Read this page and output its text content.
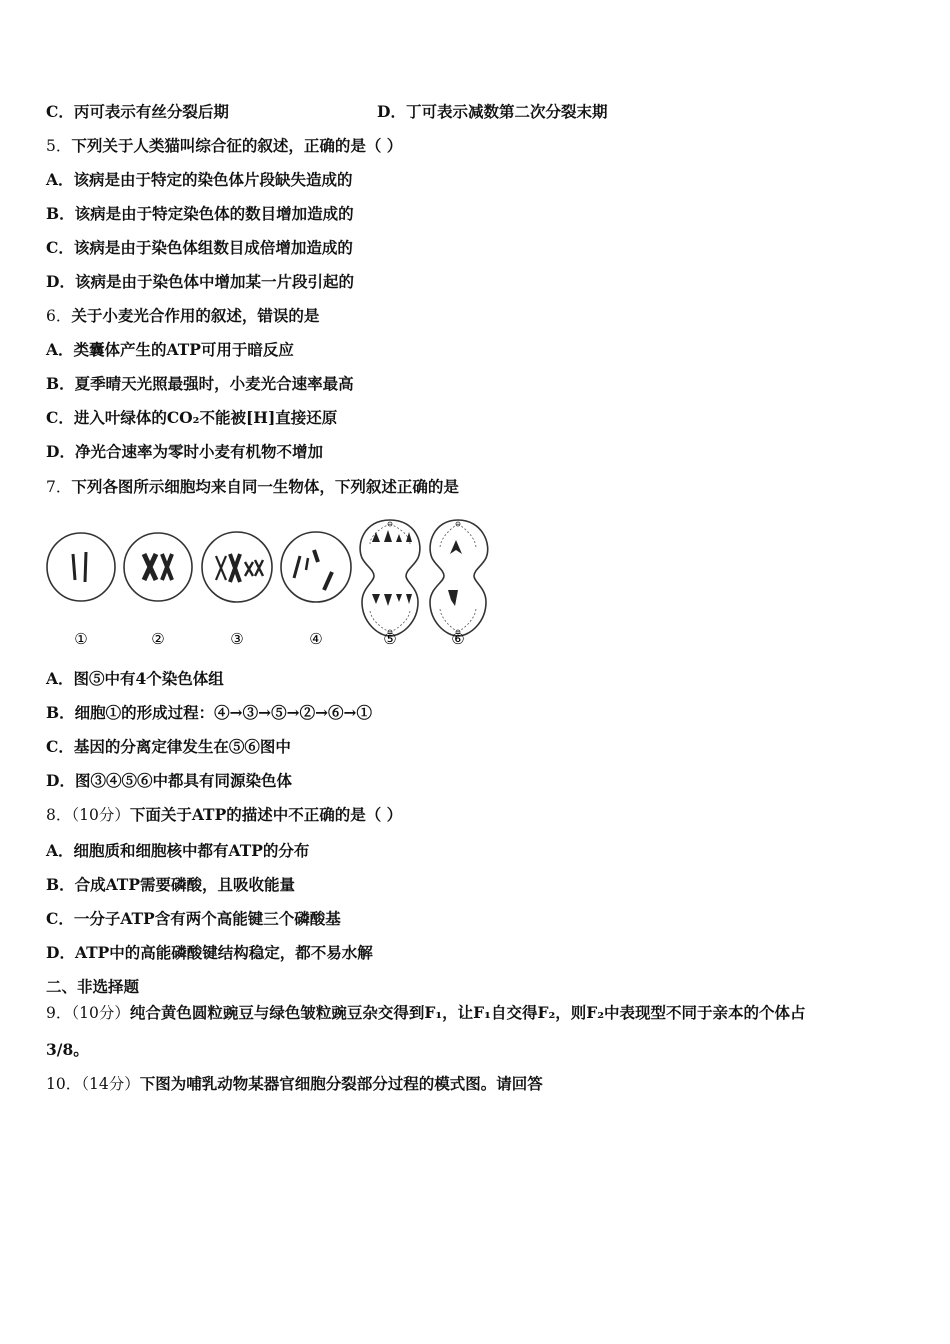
C．丙可表示有丝分裂后期	D．丁可表示减数第二次分裂末期
5．下列关于人类猫叫综合征的叙述，正确的是（ ）
A．该病是由于特定的染色体片段缺失造成的
B．该病是由于特定染色体的数目增加造成的
C．该病是由于染色体组数目成倍增加造成的
D．该病是由于染色体中增加某一片段引起的
6．关于小麦光合作用的叙述，错误的是
A．类囊体产生的ATP可用于暗反应
B．夏季晴天光照最强时，小麦光合速率最高
C．进入叶绿体的CO₂不能被[H]直接还原
D．净光合速率为零时小麦有机物不增加
7．下列各图所示细胞均来自同一生物体，下列叙述正确的是
①	②	③	④	⑤	⑥
A．图⑤中有4个染色体组
B．细胞①的形成过程：④→③→⑤→②→⑥→①
C．基因的分离定律发生在⑤⑥图中
D．图③④⑤⑥中都具有同源染色体
8．（10分）下面关于ATP的描述中不正确的是（ ）
A．细胞质和细胞核中都有ATP的分布
B．合成ATP需要磷酸，且吸收能量
C．一分子ATP含有两个高能键三个磷酸基
D．ATP中的高能磷酸键结构稳定，都不易水解
二、非选择题
9．（10分）纯合黄色圆粒豌豆与绿色皱粒豌豆杂交得到F₁，让F₁自交得F₂，则F₂中表现型不同于亲本的个体占
3/8。
10．（14分）下图为哺乳动物某器官细胞分裂部分过程的模式图。请回答
